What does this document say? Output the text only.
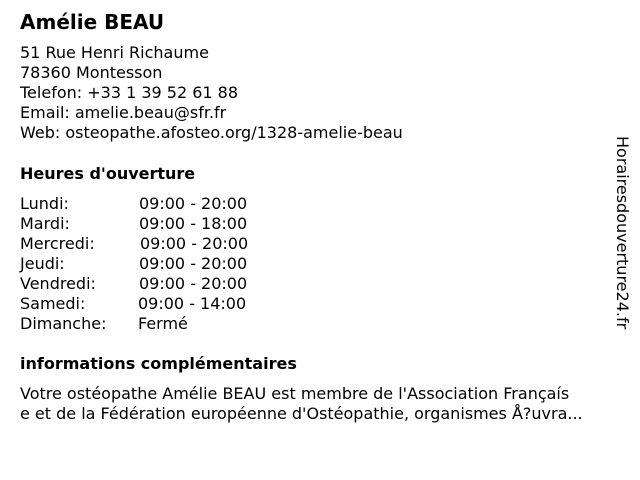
Amélie BEAU
51 Rue Henri Richaume
78360 Montesson
Telefon: +33 1 39 52 61 88
Email: amelie.beau@sfr.fr
Web: osteopathe.afosteo.org/1328-amelie-beau
Heures d'ouverture
Lundi:	09:00 - 20:00
Mardi:	09:00 - 18:00
Mercredi:	09:00 - 20:00
Jeudi:	09:00 - 20:00
Vendredi:	09:00 - 20:00
Samedi:	09:00 - 14:00
Dimanche: Fermé
informations complémentaires
Votre ostéopathe Amélie BEAU est membre de l'Association Françaís
e et de la Fédération européenne d'Ostéopathie, organismes Å?uvra...
Horairesdouverture24.fr
